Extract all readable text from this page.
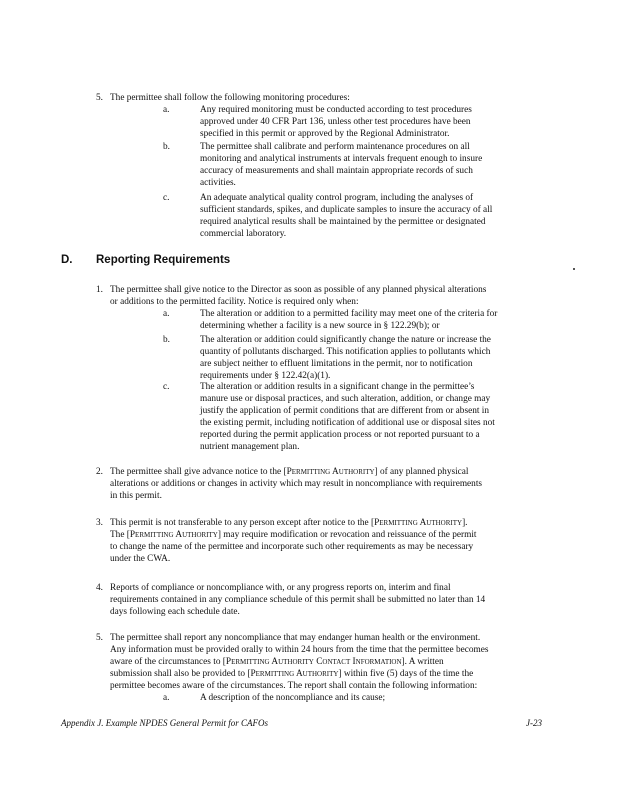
5. The permittee shall follow the following monitoring procedures:
a.	Any required monitoring must be conducted according to test procedures
approved under 40 CFR Part 136, unless other test procedures have been
specified in this permit or approved by the Regional Administrator.
b.	The permittee shall calibrate and perform maintenance procedures on all
monitoring and analytical instruments at intervals frequent enough to insure
accuracy of measurements and shall maintain appropriate records of such
activities.
c.	An adequate analytical quality control program, including the analyses of
sufficient standards, spikes, and duplicate samples to insure the accuracy of all
required analytical results shall be maintained by the permittee or designated
commercial laboratory.
D. Reporting Requirements
1. The permittee shall give notice to the Director as soon as possible of any planned physical alterations
or additions to the permitted facility. Notice is required only when:
a.	The alteration or addition to a permitted facility may meet one of the criteria for
determining whether a facility is a new source in § 122.29(b); or
b.	The alteration or addition could significantly change the nature or increase the
quantity of pollutants discharged. This notification applies to pollutants which
are subject neither to effluent limitations in the permit, nor to notification
requirements under § 122.42(a)(1).
c.	The alteration or addition results in a significant change in the permittee’s
manure use or disposal practices, and such alteration, addition, or change may
justify the application of permit conditions that are different from or absent in
the existing permit, including notification of additional use or disposal sites not
reported during the permit application process or not reported pursuant to a
nutrient management plan.
2. The permittee shall give advance notice to the [Permitting Authority] of any planned physical
alterations or additions or changes in activity which may result in noncompliance with requirements
in this permit.
3. This permit is not transferable to any person except after notice to the [Permitting Authority].
The [Permitting Authority] may require modification or revocation and reissuance of the permit
to change the name of the permittee and incorporate such other requirements as may be necessary
under the CWA.
4. Reports of compliance or noncompliance with, or any progress reports on, interim and final
requirements contained in any compliance schedule of this permit shall be submitted no later than 14
days following each schedule date.
5. The permittee shall report any noncompliance that may endanger human health or the environment.
Any information must be provided orally to within 24 hours from the time that the permittee becomes
aware of the circumstances to [Permitting Authority Contact Information]. A written
submission shall also be provided to [Permitting Authority] within five (5) days of the time the
permittee becomes aware of the circumstances. The report shall contain the following information:
a.	A description of the noncompliance and its cause;
Appendix J. Example NPDES General Permit for CAFOs	J-23
